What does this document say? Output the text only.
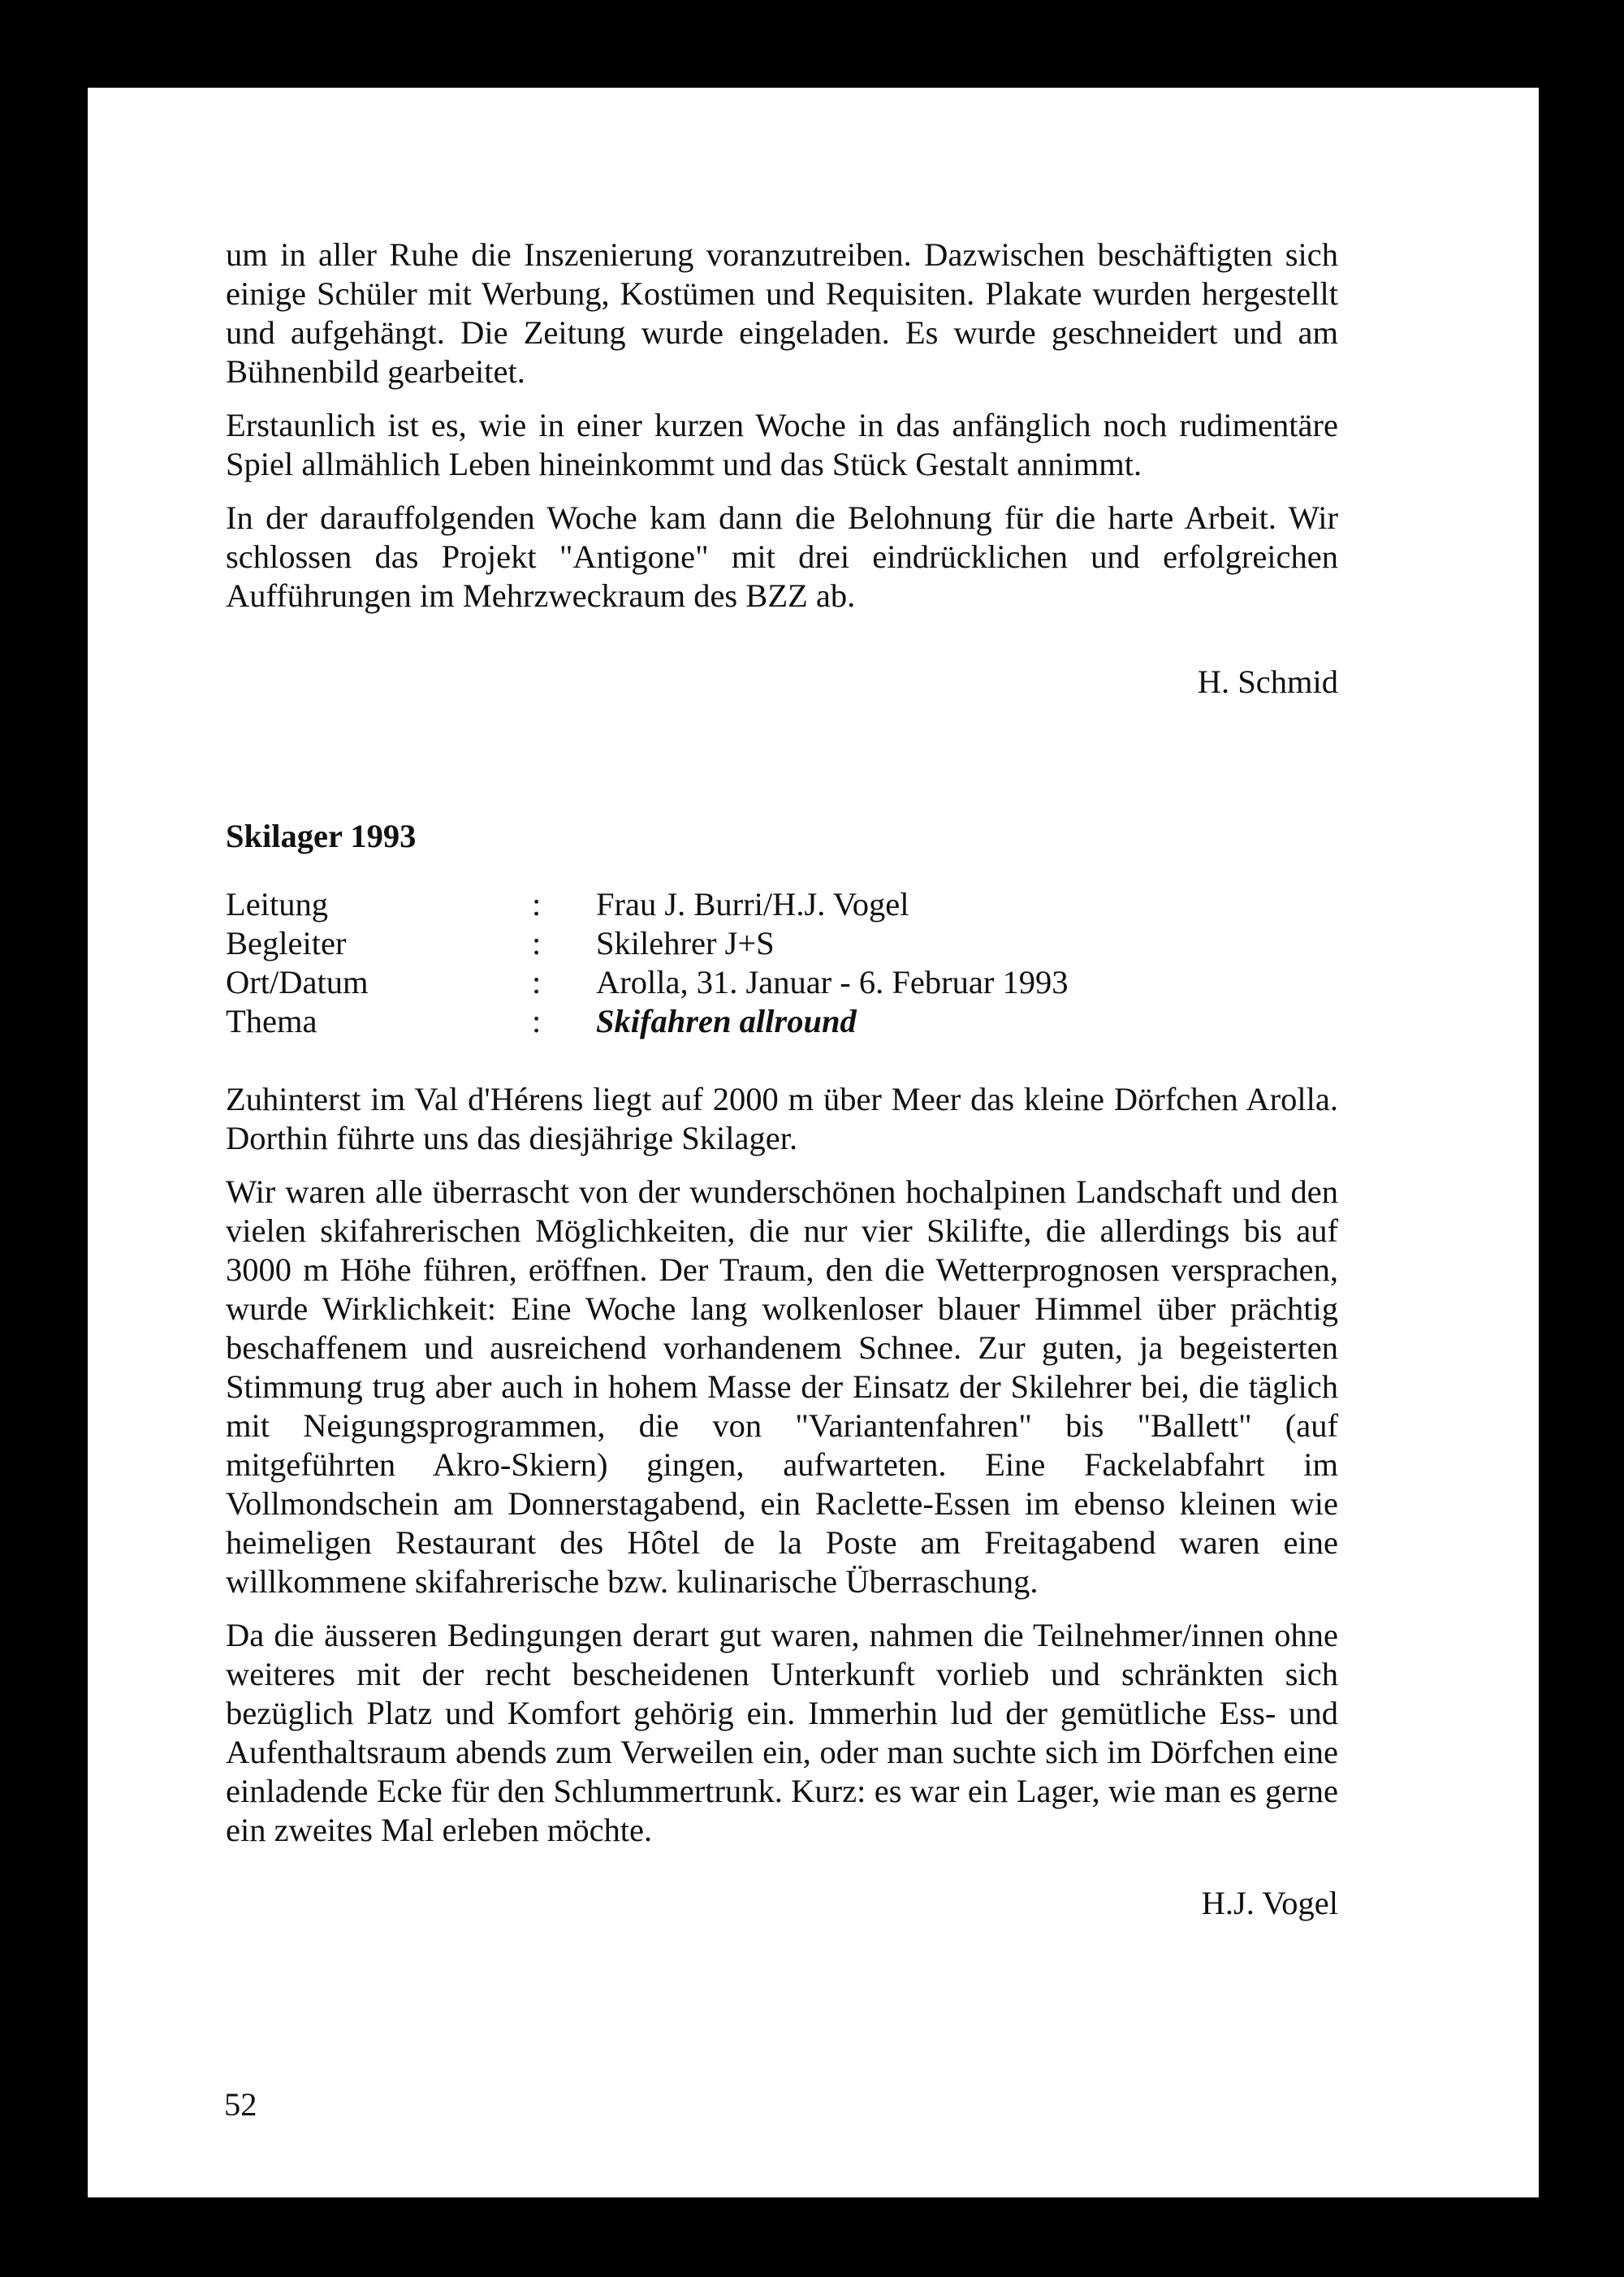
um in aller Ruhe die Inszenierung voranzutreiben. Dazwischen beschäftigten sich einige Schüler mit Werbung, Kostümen und Requisiten. Plakate wurden hergestellt und aufgehängt. Die Zeitung wurde eingeladen. Es wurde geschneidert und am Bühnenbild gearbeitet.

Erstaunlich ist es, wie in einer kurzen Woche in das anfänglich noch rudimentäre Spiel allmählich Leben hineinkommt und das Stück Gestalt annimmt.

In der darauffolgenden Woche kam dann die Belohnung für die harte Arbeit. Wir schlossen das Projekt "Antigone" mit drei eindrücklichen und erfolgreichen Aufführungen im Mehrzweckraum des BZZ ab.

H. Schmid
Skilager 1993
Leitung	:	Frau J. Burri/H.J. Vogel
Begleiter	:	Skilehrer J+S
Ort/Datum	:	Arolla, 31. Januar - 6. Februar 1993
Thema	:	Skifahren allround

Zuhinterst im Val d'Hérens liegt auf 2000 m über Meer das kleine Dörfchen Arolla. Dorthin führte uns das diesjährige Skilager.

Wir waren alle überrascht von der wunderschönen hochalpinen Landschaft und den vielen skifahrerischen Möglichkeiten, die nur vier Skilifte, die allerdings bis auf 3000 m Höhe führen, eröffnen. Der Traum, den die Wetterprognosen versprachen, wurde Wirklichkeit: Eine Woche lang wolkenloser blauer Himmel über prächtig beschaffenem und ausreichend vorhandenem Schnee. Zur guten, ja begeisterten Stimmung trug aber auch in hohem Masse der Einsatz der Skilehrer bei, die täglich mit Neigungsprogrammen, die von "Variantenfahren" bis "Ballett" (auf mitgeführten Akro-Skiern) gingen, aufwarteten. Eine Fackelabfahrt im Vollmondschein am Donnerstagabend, ein Raclette-Essen im ebenso kleinen wie heimeligen Restaurant des Hôtel de la Poste am Freitagabend waren eine willkommene skifahrerische bzw. kulinarische Überraschung.

Da die äusseren Bedingungen derart gut waren, nahmen die Teilnehmer/innen ohne weiteres mit der recht bescheidenen Unterkunft vorlieb und schränkten sich bezüglich Platz und Komfort gehörig ein. Immerhin lud der gemütliche Ess- und Aufenthaltsraum abends zum Verweilen ein, oder man suchte sich im Dörfchen eine einladende Ecke für den Schlummertrunk. Kurz: es war ein Lager, wie man es gerne ein zweites Mal erleben möchte.

H.J. Vogel
52
